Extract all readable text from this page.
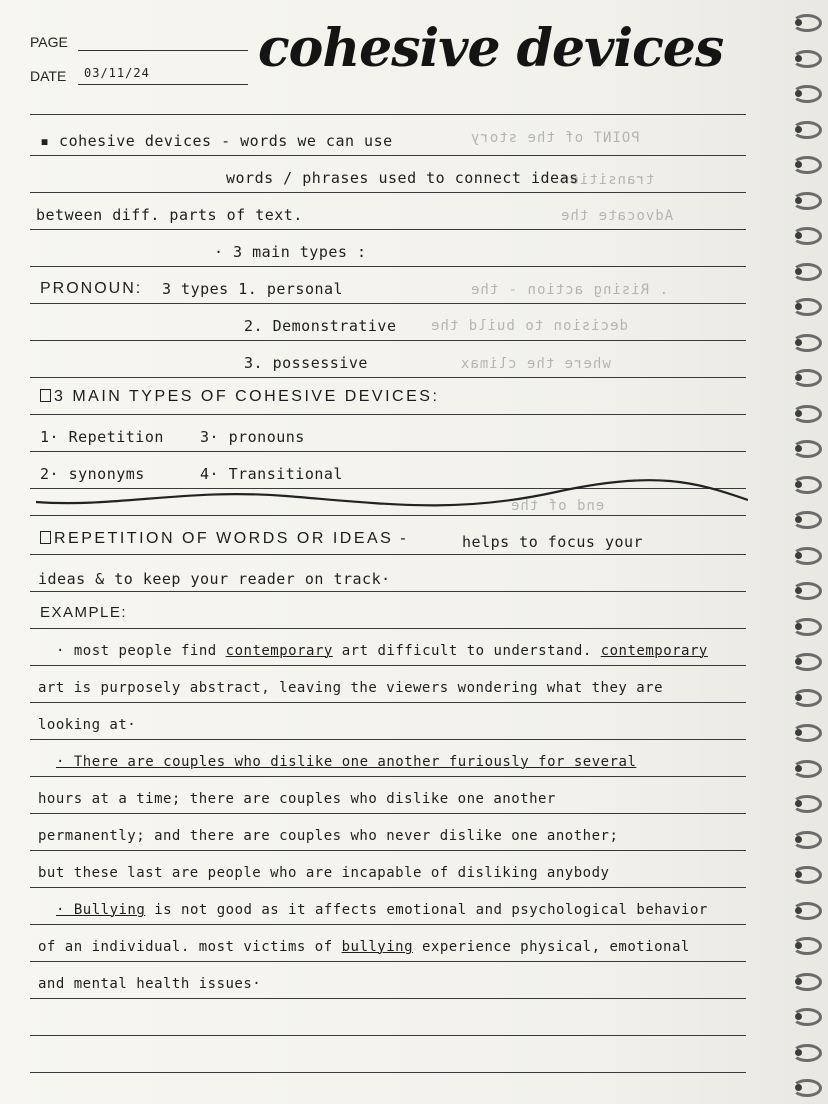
PAGE
DATE 03/11/24 cohesive devices
POINT of the story
transition
Advocate the
. Rising action - the
decision to build the
where the climax
end of the
▪ cohesive devices - words we can use
words / phrases used to connect ideas
between diff. parts of text.
· 3 main types :
PRONOUN: 3 types 1. personal
2. Demonstrative
3. possessive
3 MAIN TYPES OF COHESIVE DEVICES:
1· Repetition 3· pronouns
2· synonyms	4· Transitional
REPETITION OF WORDS OR IDEAS -	helps to focus your
ideas & to keep your reader on track·
EXAMPLE:
· most people find contemporary art difficult to understand. contemporary
art is purposely abstract, leaving the viewers wondering what they are
looking at·
· There are couples who dislike one another furiously for several
hours at a time; there are couples who dislike one another
permanently; and there are couples who never dislike one another;
but these last are people who are incapable of disliking anybody
· Bullying is not good as it affects emotional and psychological behavior
of an individual. most victims of bullying experience physical, emotional
and mental health issues·
